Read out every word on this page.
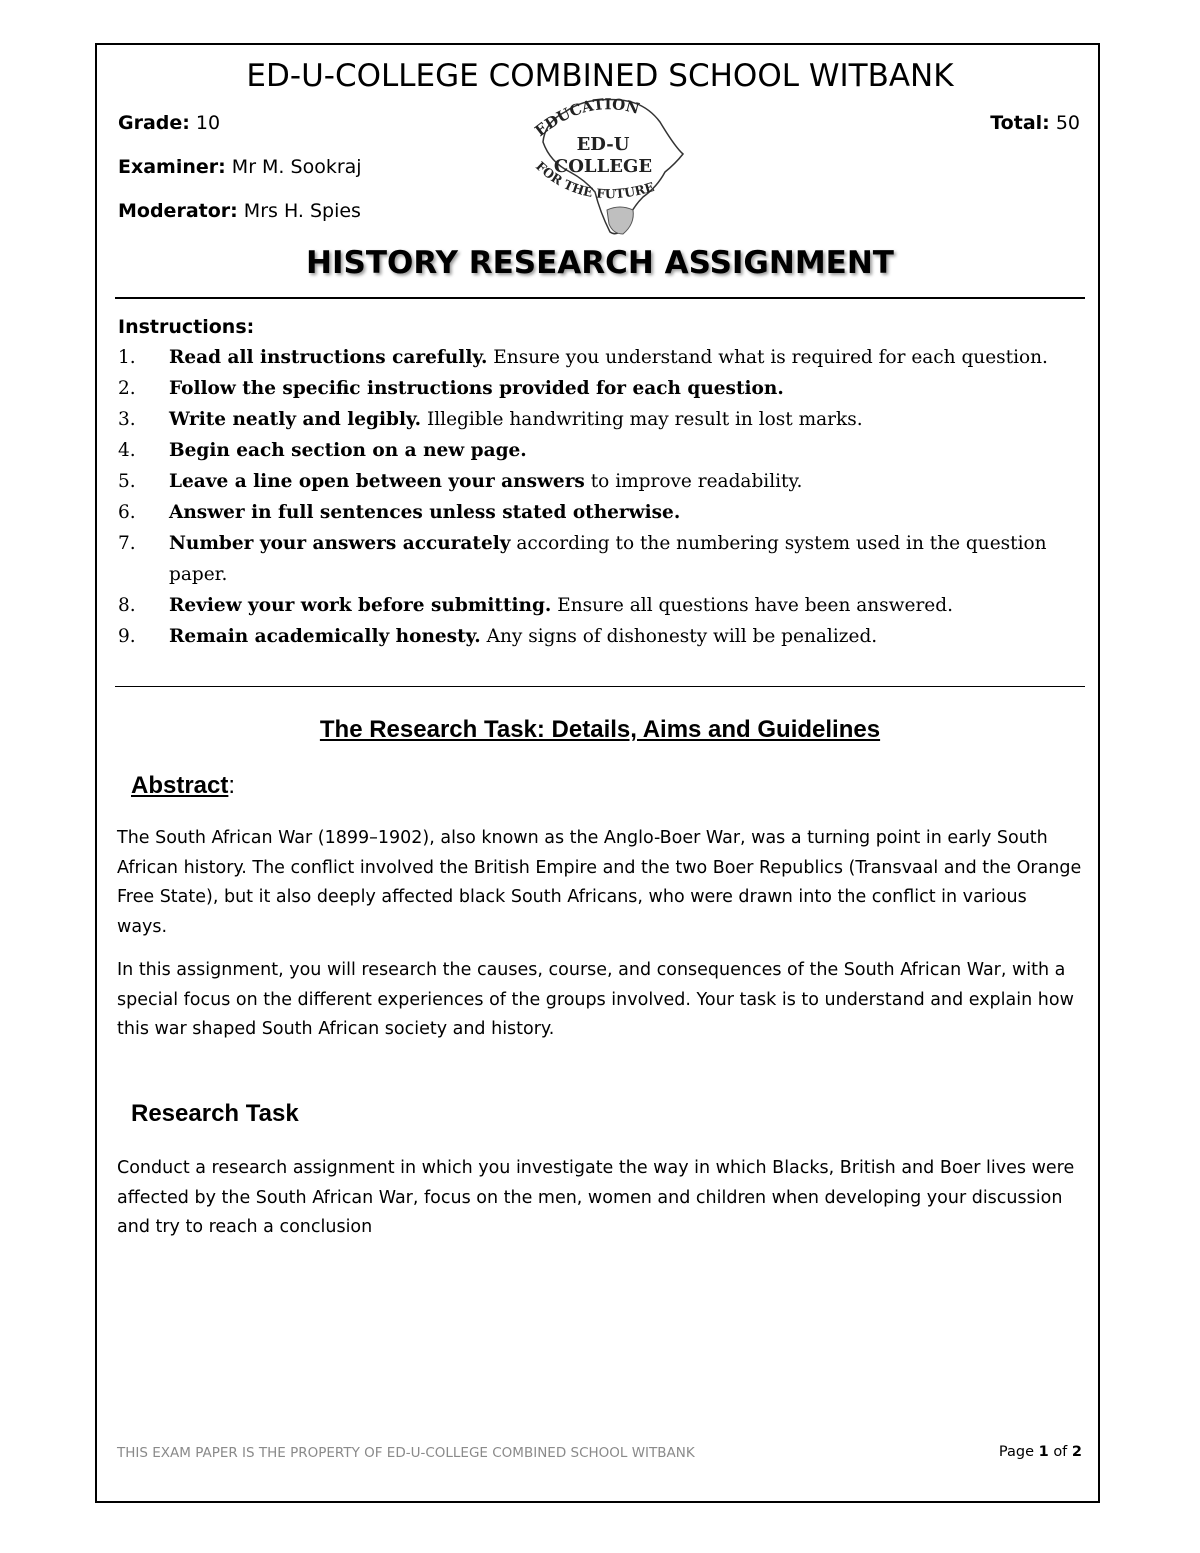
ED-U-COLLEGE COMBINED SCHOOL WITBANK
Grade: 10
Examiner: Mr M. Sookraj
Moderator: Mrs H. Spies
Total: 50
EDUCATION
ED-U
COLLEGE
FOR THE FUTURE
HISTORY RESEARCH ASSIGNMENT
Instructions:
1.	Read all instructions carefully. Ensure you understand what is required for each question.
2.	Follow the specific instructions provided for each question.
3.	Write neatly and legibly. Illegible handwriting may result in lost marks.
4.	Begin each section on a new page.
5.	Leave a line open between your answers to improve readability.
6.	Answer in full sentences unless stated otherwise.
7.	Number your answers accurately according to the numbering system used in the question paper.
8.	Review your work before submitting. Ensure all questions have been answered.
9.	Remain academically honesty. Any signs of dishonesty will be penalized.
The Research Task: Details, Aims and Guidelines
Abstract:

The South African War (1899–1902), also known as the Anglo-Boer War, was a turning point in early South African history. The conflict involved the British Empire and the two Boer Republics (Transvaal and the Orange Free State), but it also deeply affected black South Africans, who were drawn into the conflict in various ways.

In this assignment, you will research the causes, course, and consequences of the South African War, with a special focus on the different experiences of the groups involved. Your task is to understand and explain how this war shaped South African society and history.

Research Task

Conduct a research assignment in which you investigate the way in which Blacks, British and Boer lives were affected by the South African War, focus on the men, women and children when developing your discussion and try to reach a conclusion

THIS EXAM PAPER IS THE PROPERTY OF ED-U-COLLEGE COMBINED SCHOOL WITBANK	Page 1 of 2
